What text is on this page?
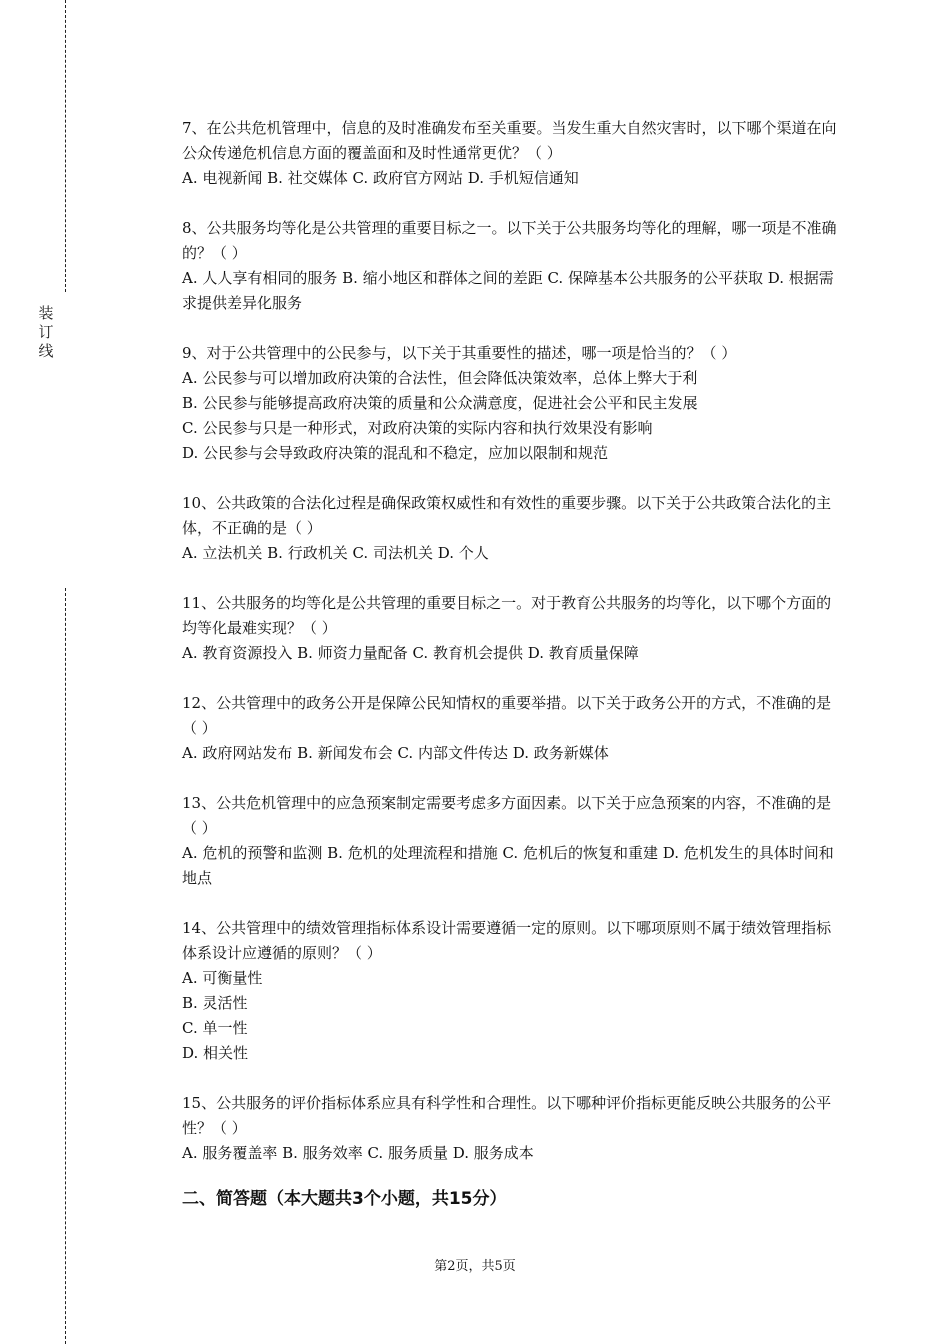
装订线

7、在公共危机管理中，信息的及时准确发布至关重要。当发生重大自然灾害时，以下哪个渠道在向公众传递危机信息方面的覆盖面和及时性通常更优？（ ）

A. 电视新闻 B. 社交媒体 C. 政府官方网站 D. 手机短信通知

8、公共服务均等化是公共管理的重要目标之一。以下关于公共服务均等化的理解，哪一项是不准确的？（ ）

A. 人人享有相同的服务 B. 缩小地区和群体之间的差距 C. 保障基本公共服务的公平获取 D. 根据需求提供差异化服务

9、对于公共管理中的公民参与，以下关于其重要性的描述，哪一项是恰当的？（ ）

A. 公民参与可以增加政府决策的合法性，但会降低决策效率，总体上弊大于利

B. 公民参与能够提高政府决策的质量和公众满意度，促进社会公平和民主发展

C. 公民参与只是一种形式，对政府决策的实际内容和执行效果没有影响

D. 公民参与会导致政府决策的混乱和不稳定，应加以限制和规范

10、公共政策的合法化过程是确保政策权威性和有效性的重要步骤。以下关于公共政策合法化的主体，不正确的是（ ）

A. 立法机关 B. 行政机关 C. 司法机关 D. 个人

11、公共服务的均等化是公共管理的重要目标之一。对于教育公共服务的均等化，以下哪个方面的均等化最难实现？（ ）

A. 教育资源投入 B. 师资力量配备 C. 教育机会提供 D. 教育质量保障

12、公共管理中的政务公开是保障公民知情权的重要举措。以下关于政务公开的方式，不准确的是（ ）

A. 政府网站发布 B. 新闻发布会 C. 内部文件传达 D. 政务新媒体

13、公共危机管理中的应急预案制定需要考虑多方面因素。以下关于应急预案的内容，不准确的是（ ）

A. 危机的预警和监测 B. 危机的处理流程和措施 C. 危机后的恢复和重建 D. 危机发生的具体时间和地点

14、公共管理中的绩效管理指标体系设计需要遵循一定的原则。以下哪项原则不属于绩效管理指标体系设计应遵循的原则？（ ）

A. 可衡量性

B. 灵活性

C. 单一性

D. 相关性

15、公共服务的评价指标体系应具有科学性和合理性。以下哪种评价指标更能反映公共服务的公平性？（ ）

A. 服务覆盖率 B. 服务效率 C. 服务质量 D. 服务成本

二、简答题（本大题共3个小题，共15分）
第2页，共5页
